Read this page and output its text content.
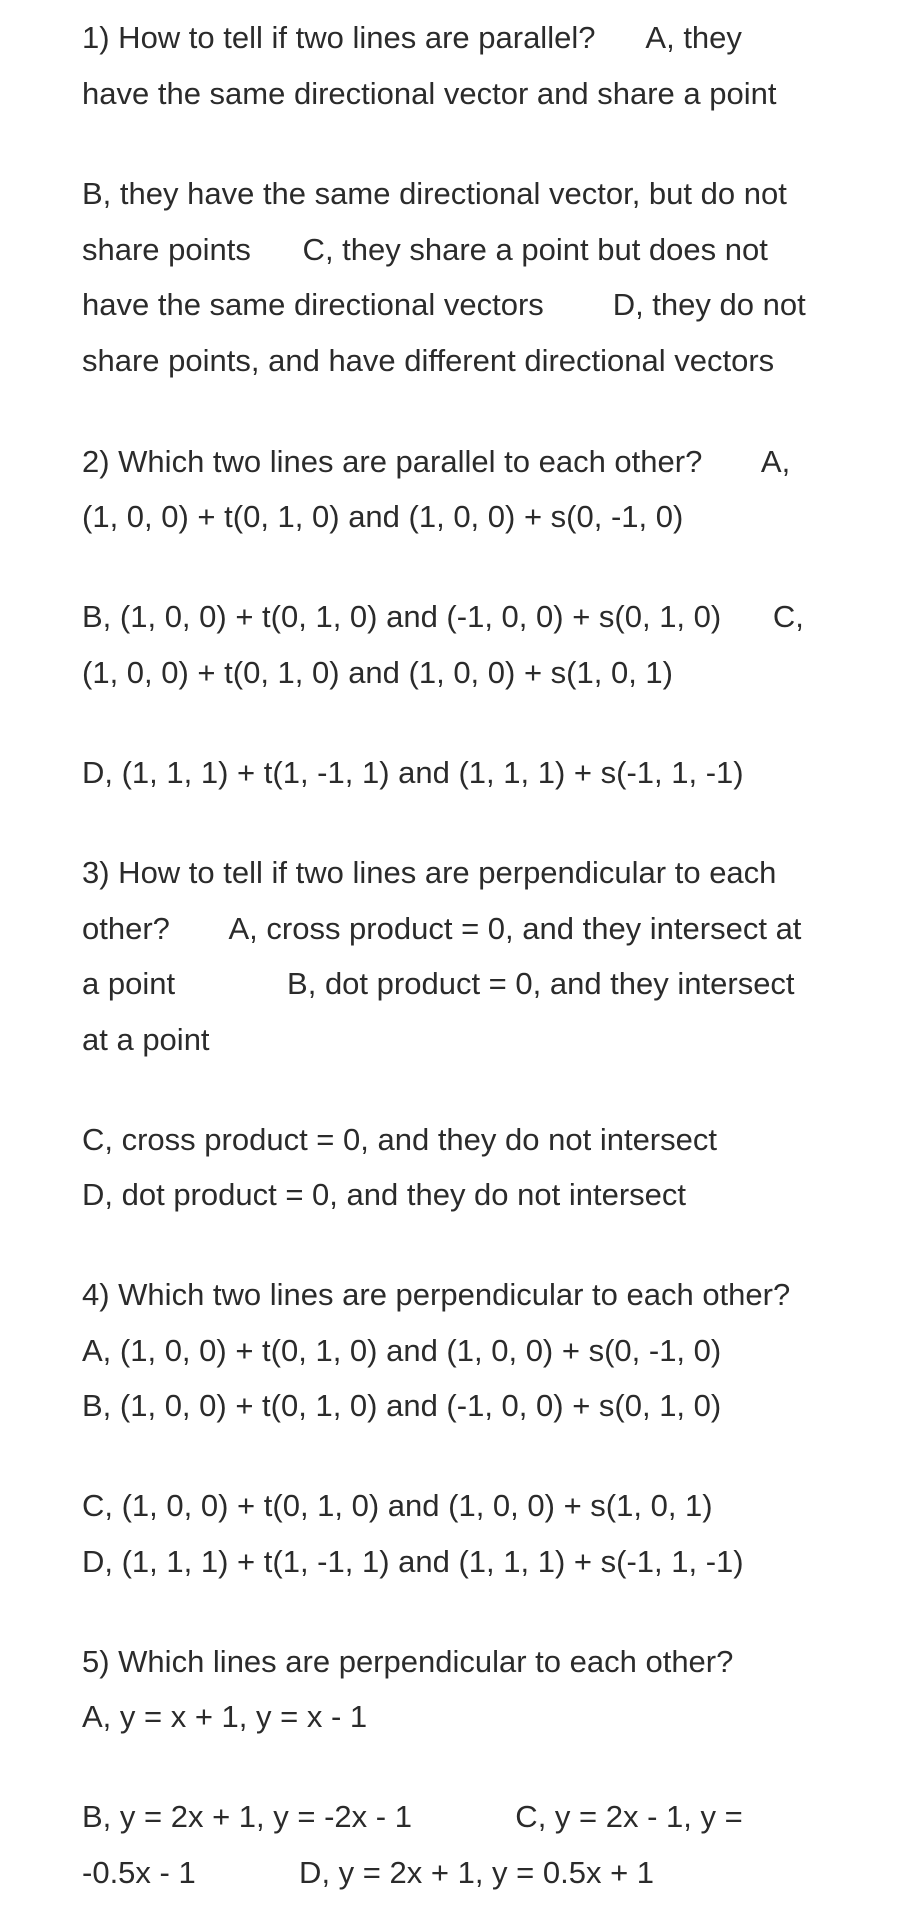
1) How to tell if two lines are parallel?      A, they
have the same directional vector and share a point
B, they have the same directional vector, but do not
share points      C, they share a point but does not
have the same directional vectors        D, they do not
share points, and have different directional vectors
2) Which two lines are parallel to each other?       A,
(1, 0, 0) + t(0, 1, 0) and (1, 0, 0) + s(0, -1, 0)
B, (1, 0, 0) + t(0, 1, 0) and (-1, 0, 0) + s(0, 1, 0)      C,
(1, 0, 0) + t(0, 1, 0) and (1, 0, 0) + s(1, 0, 1)
D, (1, 1, 1) + t(1, -1, 1) and (1, 1, 1) + s(-1, 1, -1)
3) How to tell if two lines are perpendicular to each
other?       A, cross product = 0, and they intersect at
a point             B, dot product = 0, and they intersect
at a point
C, cross product = 0, and they do not intersect
D, dot product = 0, and they do not intersect
4) Which two lines are perpendicular to each other?
A, (1, 0, 0) + t(0, 1, 0) and (1, 0, 0) + s(0, -1, 0)
B, (1, 0, 0) + t(0, 1, 0) and (-1, 0, 0) + s(0, 1, 0)
C, (1, 0, 0) + t(0, 1, 0) and (1, 0, 0) + s(1, 0, 1)
D, (1, 1, 1) + t(1, -1, 1) and (1, 1, 1) + s(-1, 1, -1)
5) Which lines are perpendicular to each other?
A, y = x + 1, y = x - 1
B, y = 2x + 1, y = -2x - 1            C, y = 2x - 1, y =
-0.5x - 1            D, y = 2x + 1, y = 0.5x + 1
